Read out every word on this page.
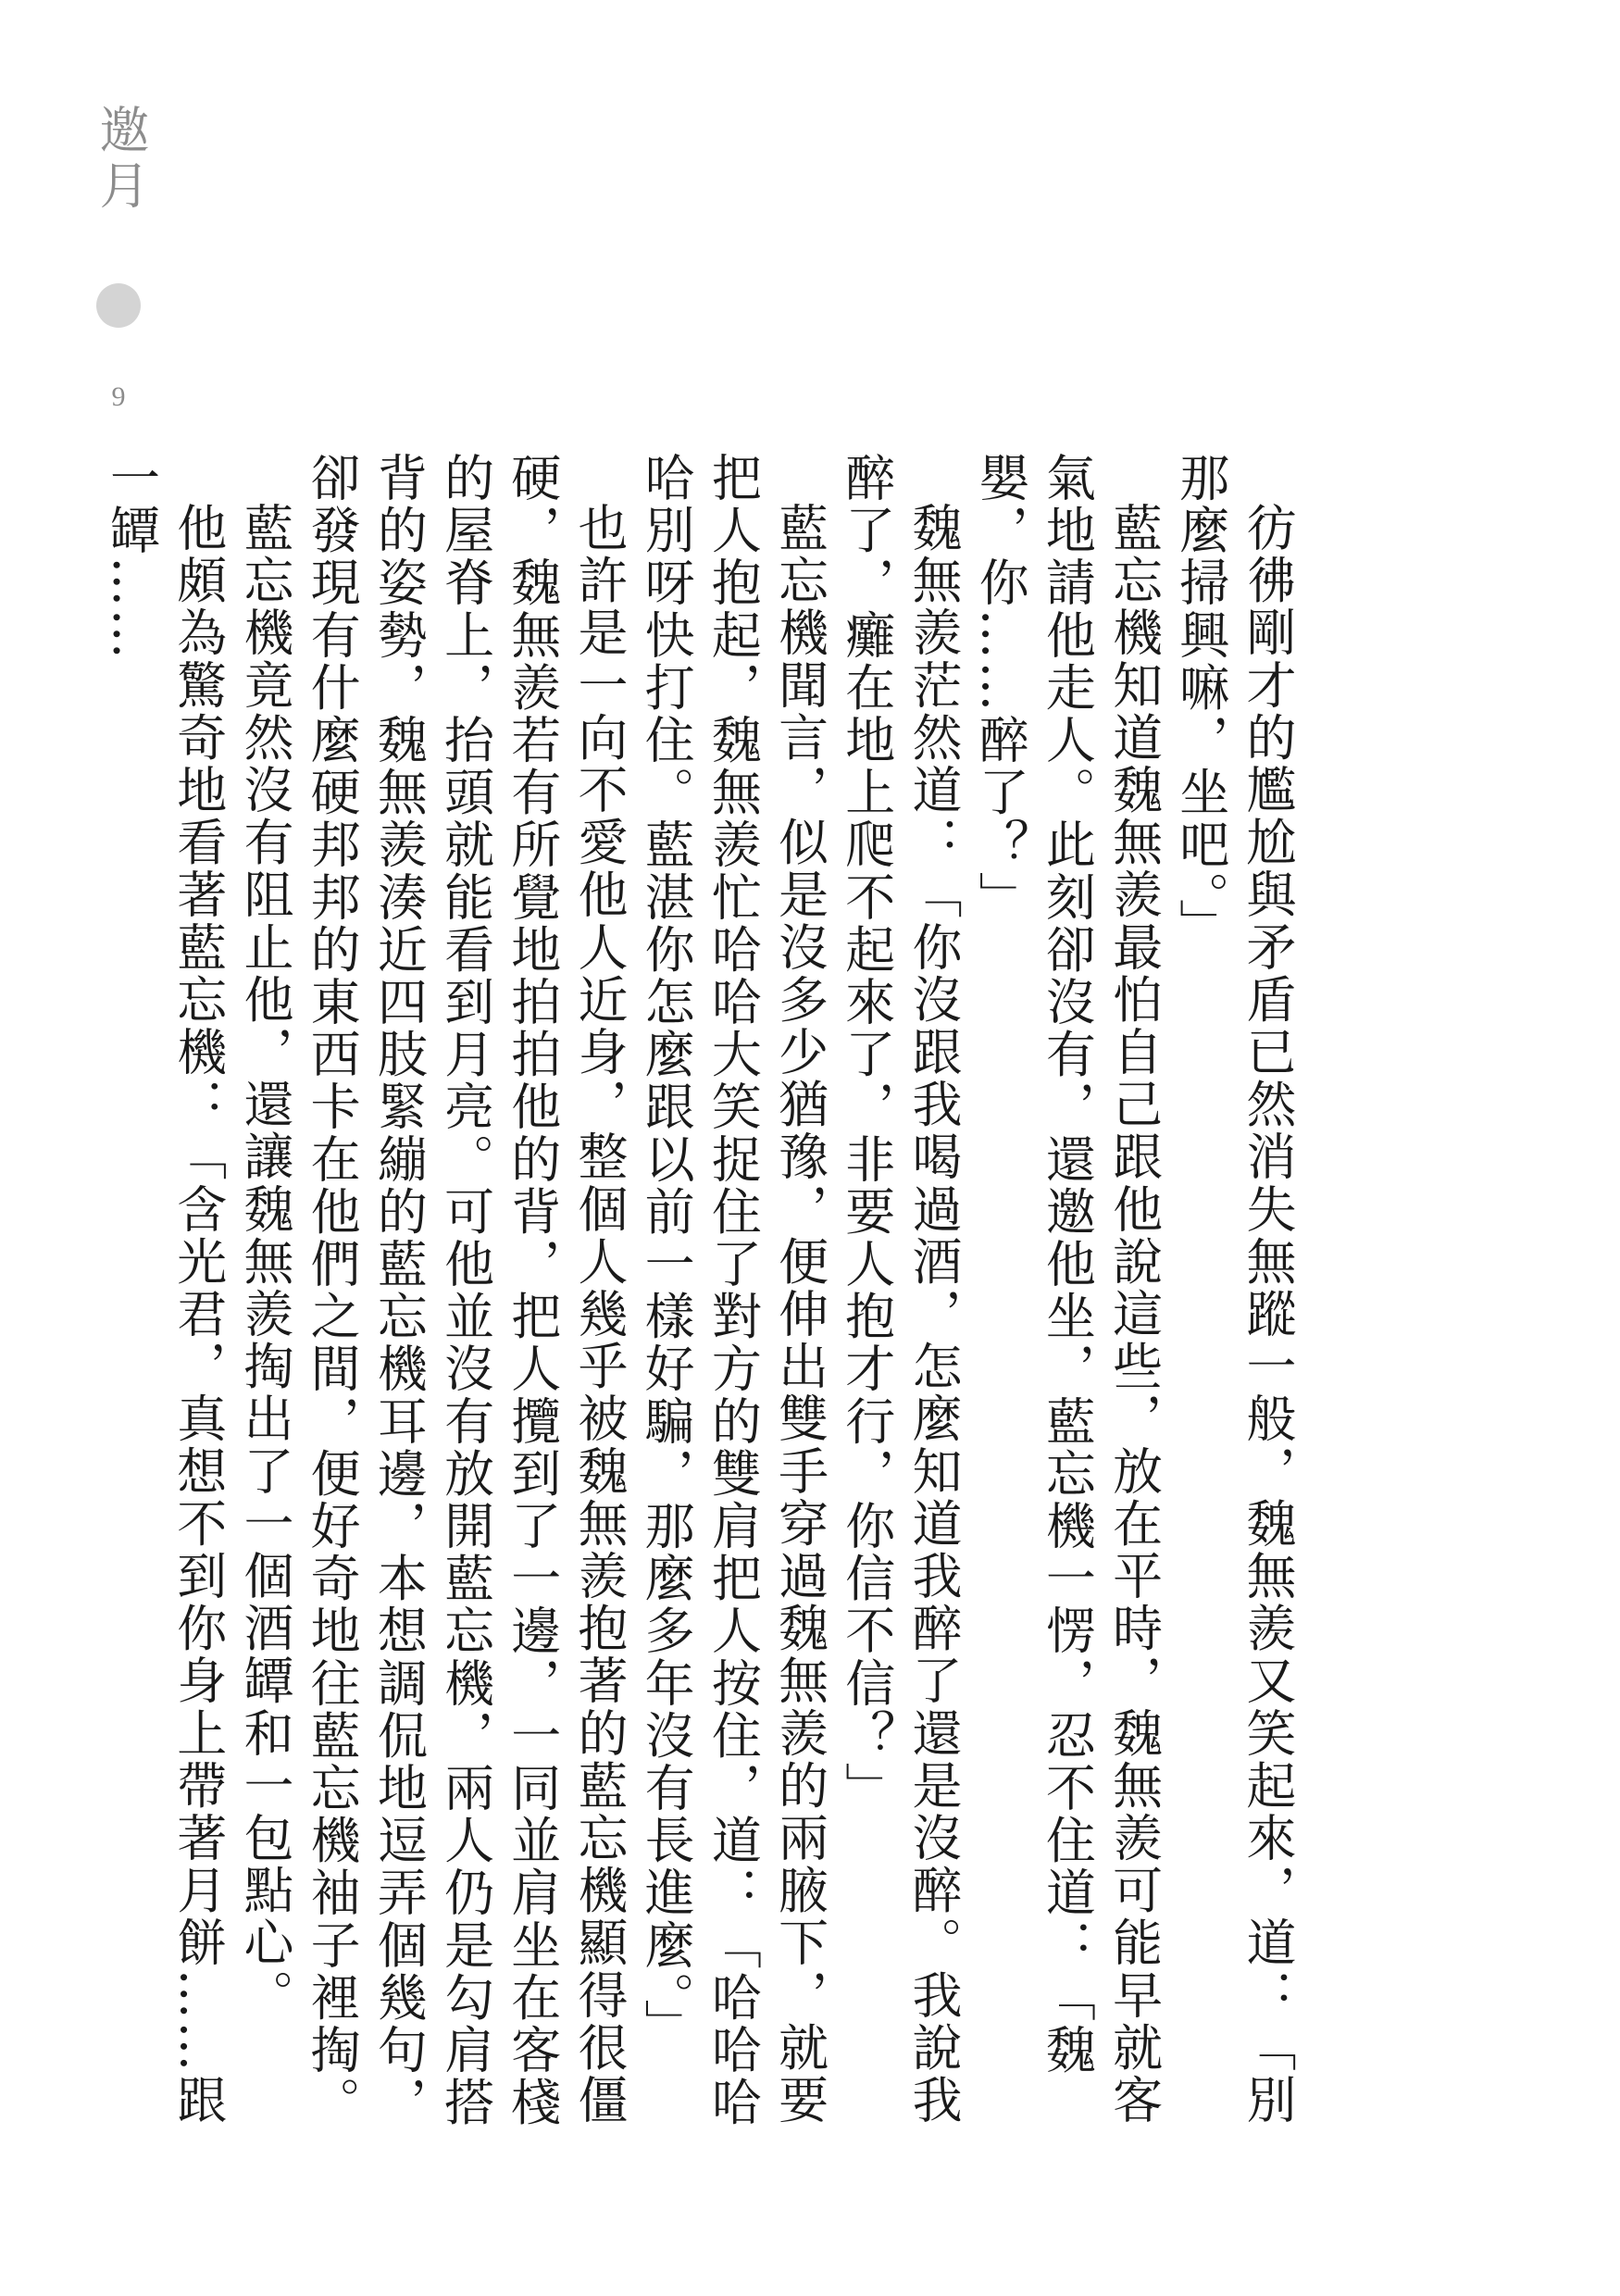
邀月
9

彷彿剛才的尷尬與矛盾已然消失無蹤一般，魏無羨又笑起來，道：「別那麼掃興嘛，坐吧。」

藍忘機知道魏無羨最怕自己跟他說這些，放在平時，魏無羨可能早就客氣地請他走人。此刻卻沒有，還邀他坐，藍忘機一愣，忍不住道：「魏嬰，你……醉了？」

魏無羨茫然道：「你沒跟我喝過酒，怎麼知道我醉了還是沒醉。我說我醉了，癱在地上爬不起來了，非要人抱才行，你信不信？」

藍忘機聞言，似是沒多少猶豫，便伸出雙手穿過魏無羨的兩腋下，就要把人抱起，魏無羨忙哈哈大笑捉住了對方的雙肩把人按住，道：「哈哈哈哈別呀快打住。藍湛你怎麼跟以前一樣好騙，那麼多年沒有長進麼。」

也許是一向不愛他人近身，整個人幾乎被魏無羨抱著的藍忘機顯得很僵硬，魏無羨若有所覺地拍拍他的背，把人攬到了一邊，一同並肩坐在客棧的屋脊上，抬頭就能看到月亮。可他並沒有放開藍忘機，兩人仍是勾肩搭背的姿勢，魏無羨湊近四肢緊繃的藍忘機耳邊，本想調侃地逗弄個幾句，卻發現有什麼硬邦邦的東西卡在他們之間，便好奇地往藍忘機袖子裡掏。

藍忘機竟然沒有阻止他，還讓魏無羨掏出了一個酒罈和一包點心。

他頗為驚奇地看著藍忘機：「含光君，真想不到你身上帶著月餅……跟一罈……
